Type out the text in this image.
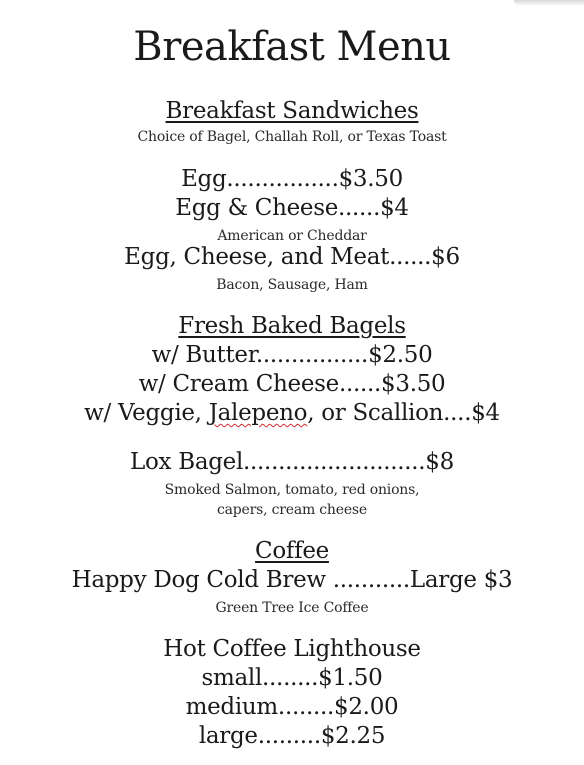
Breakfast Menu
Breakfast Sandwiches
Choice of Bagel, Challah Roll, or Texas Toast
Egg................$3.50
Egg & Cheese......$4
American or Cheddar
Egg, Cheese, and Meat......$6
Bacon, Sausage, Ham
Fresh Baked Bagels
w/ Butter................$2.50
w/ Cream Cheese......$3.50
w/ Veggie, Jalepeno, or Scallion....$4
Lox Bagel..........................$8
Smoked Salmon, tomato, red onions,
capers, cream cheese
Coffee
Happy Dog Cold Brew ...........Large $3
Green Tree Ice Coffee
Hot Coffee Lighthouse
small........$1.50
medium........$2.00
large.........$2.25
